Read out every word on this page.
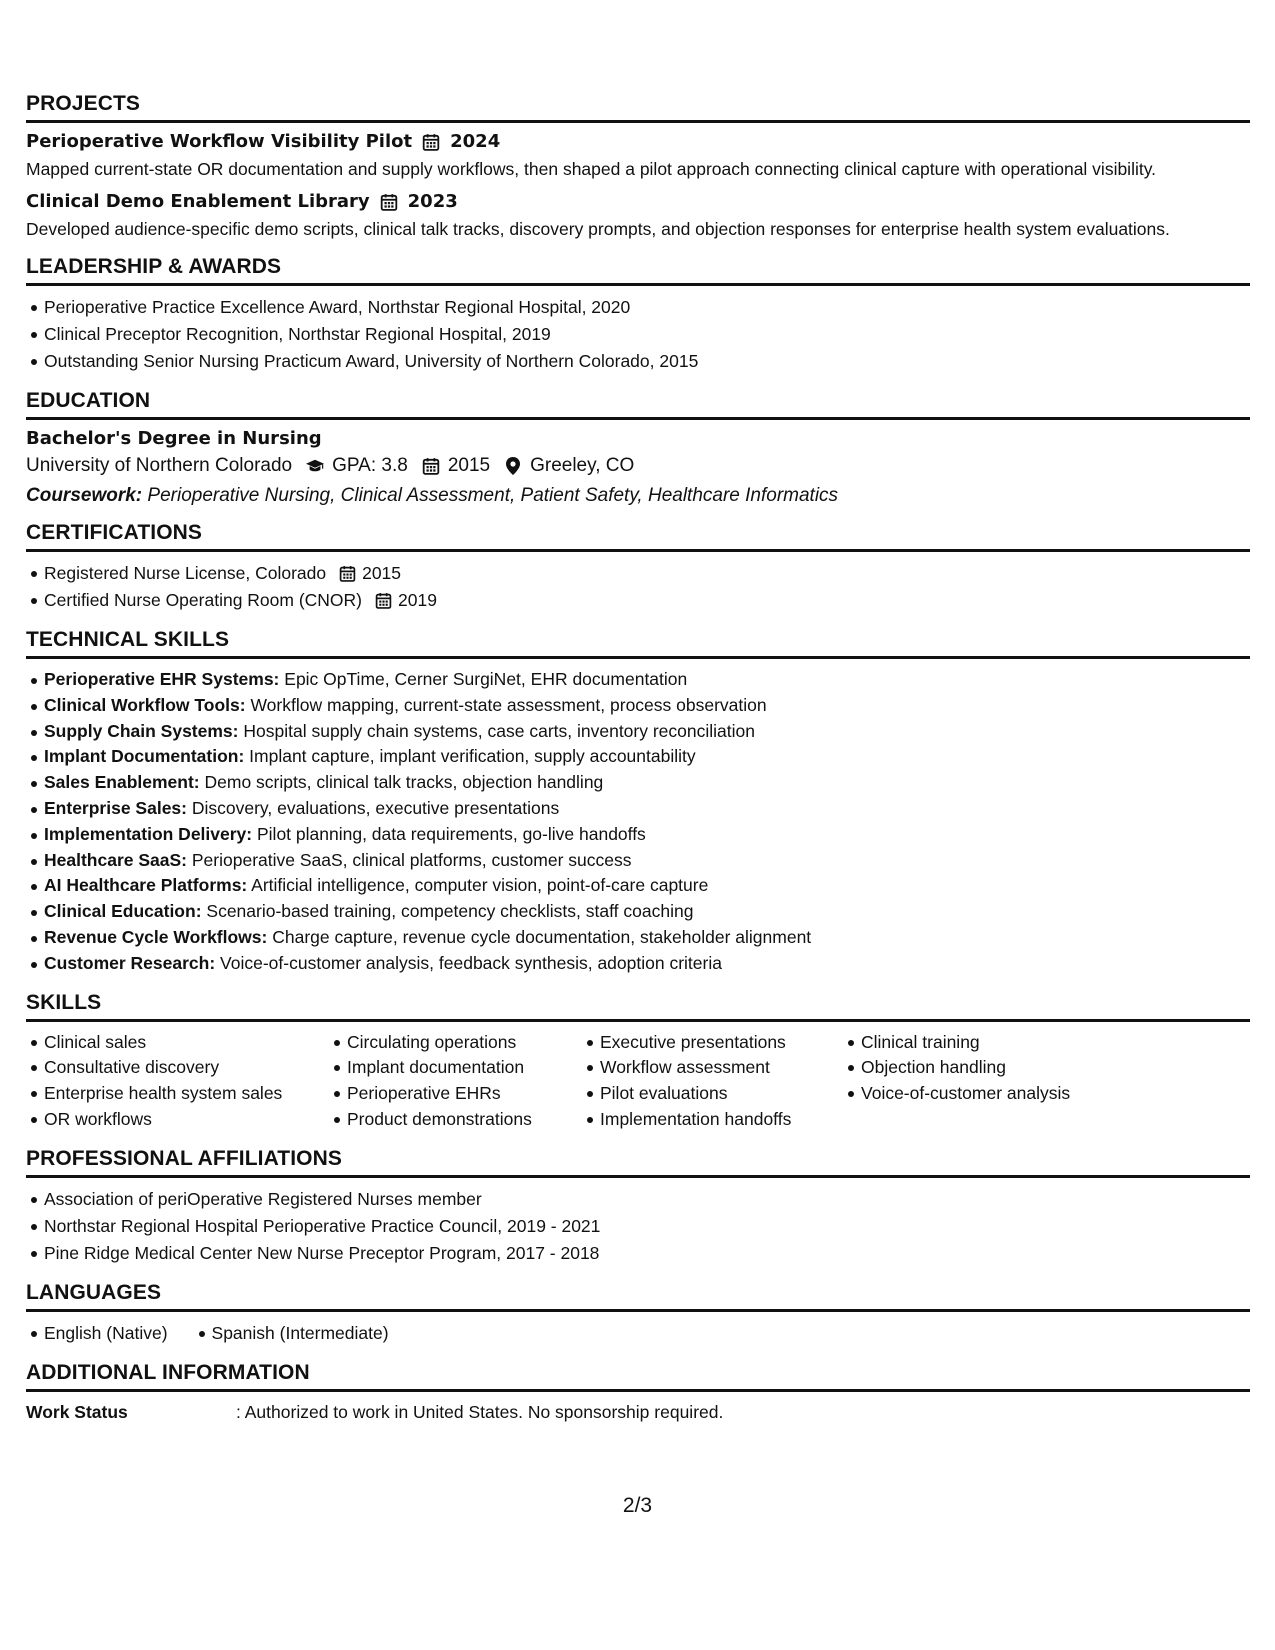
PROJECTS
Perioperative Workflow Visibility Pilot 2024
Mapped current-state OR documentation and supply workflows, then shaped a pilot approach connecting clinical capture with operational visibility.
Clinical Demo Enablement Library 2023
Developed audience-specific demo scripts, clinical talk tracks, discovery prompts, and objection responses for enterprise health system evaluations.
LEADERSHIP & AWARDS
Perioperative Practice Excellence Award, Northstar Regional Hospital, 2020
Clinical Preceptor Recognition, Northstar Regional Hospital, 2019
Outstanding Senior Nursing Practicum Award, University of Northern Colorado, 2015
EDUCATION
Bachelor's Degree in Nursing
University of Northern Colorado GPA: 3.8 2015 Greeley, CO
Coursework: Perioperative Nursing, Clinical Assessment, Patient Safety, Healthcare Informatics
CERTIFICATIONS
Registered Nurse License, Colorado 2015
Certified Nurse Operating Room (CNOR) 2019
TECHNICAL SKILLS
Perioperative EHR Systems: Epic OpTime, Cerner SurgiNet, EHR documentation
Clinical Workflow Tools: Workflow mapping, current-state assessment, process observation
Supply Chain Systems: Hospital supply chain systems, case carts, inventory reconciliation
Implant Documentation: Implant capture, implant verification, supply accountability
Sales Enablement: Demo scripts, clinical talk tracks, objection handling
Enterprise Sales: Discovery, evaluations, executive presentations
Implementation Delivery: Pilot planning, data requirements, go-live handoffs
Healthcare SaaS: Perioperative SaaS, clinical platforms, customer success
AI Healthcare Platforms: Artificial intelligence, computer vision, point-of-care capture
Clinical Education: Scenario-based training, competency checklists, staff coaching
Revenue Cycle Workflows: Charge capture, revenue cycle documentation, stakeholder alignment
Customer Research: Voice-of-customer analysis, feedback synthesis, adoption criteria
SKILLS
Clinical sales
Consultative discovery
Enterprise health system sales
OR workflows
Circulating operations
Implant documentation
Perioperative EHRs
Product demonstrations
Executive presentations
Workflow assessment
Pilot evaluations
Implementation handoffs
Clinical training
Objection handling
Voice-of-customer analysis
PROFESSIONAL AFFILIATIONS
Association of periOperative Registered Nurses member
Northstar Regional Hospital Perioperative Practice Council, 2019 - 2021
Pine Ridge Medical Center New Nurse Preceptor Program, 2017 - 2018
LANGUAGES
English (Native)	Spanish (Intermediate)
ADDITIONAL INFORMATION
Work Status	: Authorized to work in United States. No sponsorship required.
2/3
